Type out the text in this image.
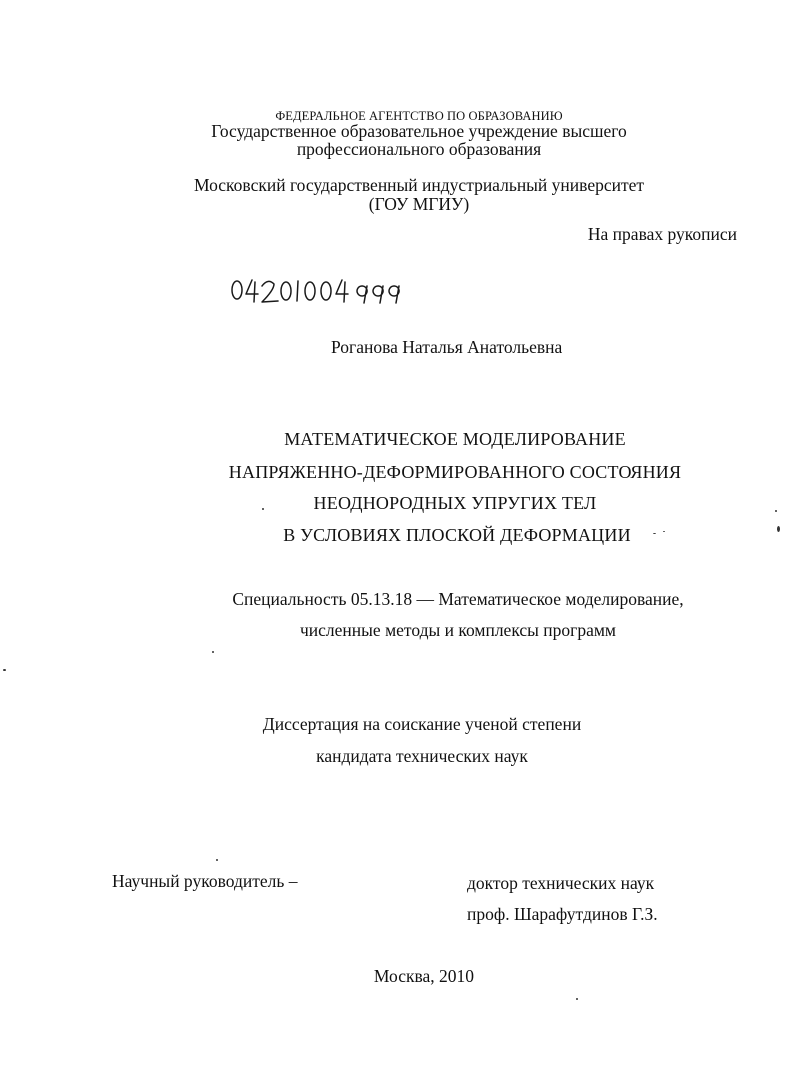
ФЕДЕРАЛЬНОЕ АГЕНТСТВО ПО ОБРАЗОВАНИЮ
Государственное образовательное учреждение высшего
профессионального образования
Московский государственный индустриальный университет
(ГОУ МГИУ)
На правах рукописи
Роганова Наталья Анатольевна
МАТЕМАТИЧЕСКОЕ МОДЕЛИРОВАНИЕ
НАПРЯЖЕННО-ДЕФОРМИРОВАННОГО СОСТОЯНИЯ
НЕОДНОРОДНЫХ УПРУГИХ ТЕЛ
В УСЛОВИЯХ ПЛОСКОЙ ДЕФОРМАЦИИ
Специальность 05.13.18 — Математическое моделирование,
численные методы и комплексы программ
Диссертация на соискание ученой степени
кандидата технических наук
Научный руководитель –	доктор технических наук
проф. Шарафутдинов Г.З.
Москва, 2010
